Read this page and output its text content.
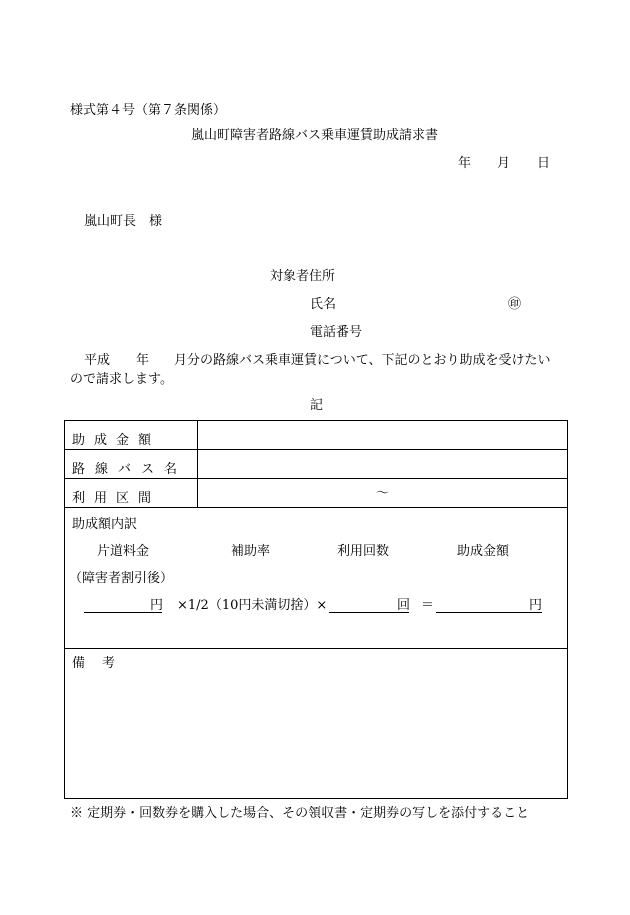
様式第４号（第７条関係）
嵐山町障害者路線バス乗車運賃助成請求書
年 月 日
嵐山町長　様
対象者住所
氏名	㊞
電話番号
平成 年 月分の路線バス乗車運賃について、下記のとおり助成を受けたい
ので請求します。
記
助成金額
路線バス名
利用区間	～
助成額内訳
片道料金	補助率	利用回数	助成金額
（障害者割引後）
円 ×1/2（10円未満切捨）×	回 ＝	円
備　考
※ 定期券・回数券を購入した場合、その領収書・定期券の写しを添付すること
